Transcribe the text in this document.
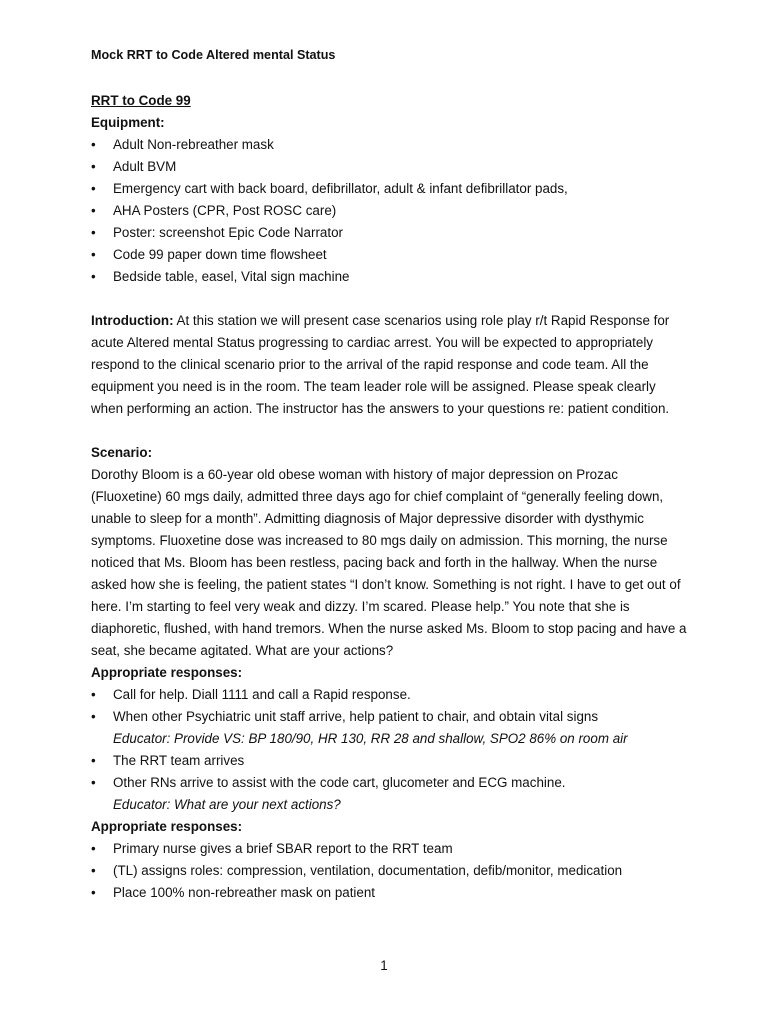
Mock RRT to Code Altered mental Status

RRT to Code 99

Equipment:

• Adult Non-rebreather mask
• Adult BVM
• Emergency cart with back board, defibrillator, adult & infant defibrillator pads,
• AHA Posters (CPR, Post ROSC care)
• Poster: screenshot Epic Code Narrator
• Code 99 paper down time flowsheet
• Bedside table, easel, Vital sign machine

Introduction: At this station we will present case scenarios using role play r/t Rapid Response for acute Altered mental Status progressing to cardiac arrest. You will be expected to appropriately respond to the clinical scenario prior to the arrival of the rapid response and code team. All the equipment you need is in the room. The team leader role will be assigned. Please speak clearly when performing an action. The instructor has the answers to your questions re: patient condition.

Scenario:

Dorothy Bloom is a 60-year old obese woman with history of major depression on Prozac (Fluoxetine) 60 mgs daily, admitted three days ago for chief complaint of “generally feeling down, unable to sleep for a month”. Admitting diagnosis of Major depressive disorder with dysthymic symptoms. Fluoxetine dose was increased to 80 mgs daily on admission. This morning, the nurse noticed that Ms. Bloom has been restless, pacing back and forth in the hallway. When the nurse asked how she is feeling, the patient states “I don’t know. Something is not right. I have to get out of here. I’m starting to feel very weak and dizzy. I’m scared. Please help.” You note that she is diaphoretic, flushed, with hand tremors. When the nurse asked Ms. Bloom to stop pacing and have a seat, she became agitated. What are your actions?

Appropriate responses:

• Call for help. Diall 1111 and call a Rapid response.
• When other Psychiatric unit staff arrive, help patient to chair, and obtain vital signs
Educator: Provide VS: BP 180/90, HR 130, RR 28 and shallow, SPO2 86% on room air
• The RRT team arrives
• Other RNs arrive to assist with the code cart, glucometer and ECG machine.
Educator: What are your next actions?

Appropriate responses:

• Primary nurse gives a brief SBAR report to the RRT team
• (TL) assigns roles: compression, ventilation, documentation, defib/monitor, medication
• Place 100% non-rebreather mask on patient
1
